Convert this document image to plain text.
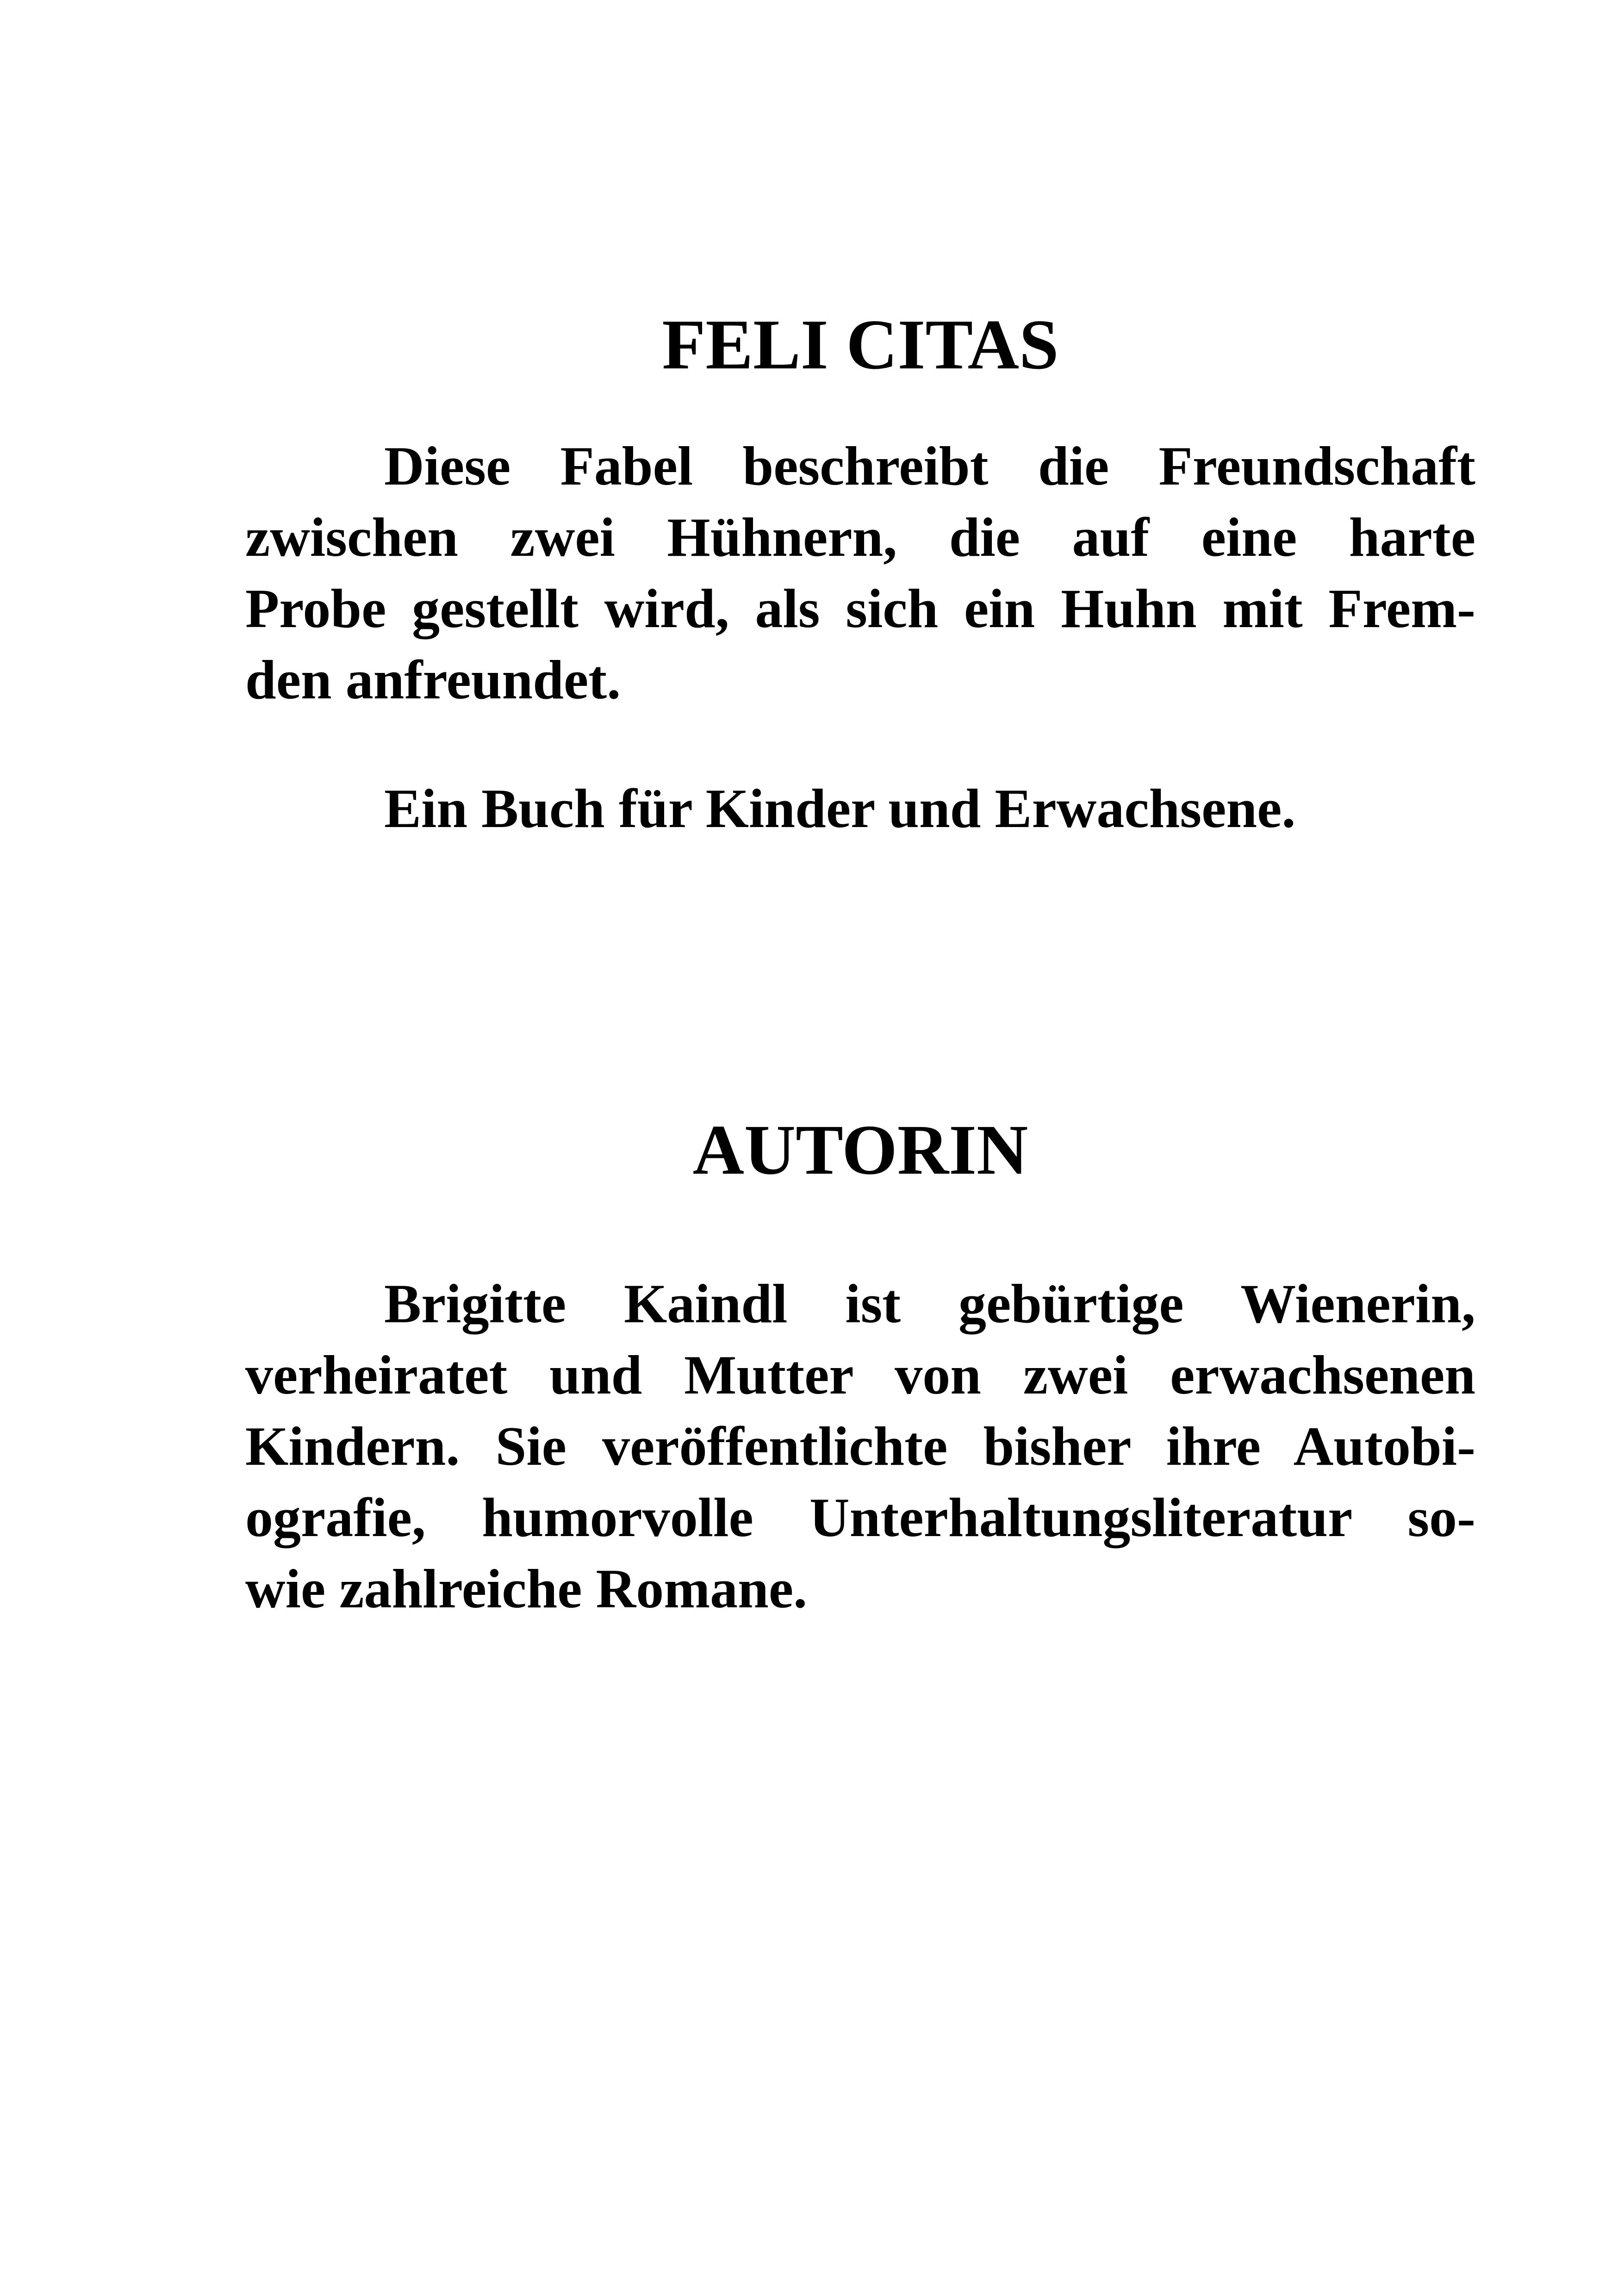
FELI CITAS
Diese Fabel beschreibt die Freundschaft
zwischen zwei Hühnern, die auf eine harte
Probe gestellt wird, als sich ein Huhn mit Frem-
den anfreundet.
Ein Buch für Kinder und Erwachsene.
AUTORIN
Brigitte Kaindl ist gebürtige Wienerin,
verheiratet und Mutter von zwei erwachsenen
Kindern. Sie veröffentlichte bisher ihre Autobi-
ografie, humorvolle Unterhaltungsliteratur so-
wie zahlreiche Romane.
